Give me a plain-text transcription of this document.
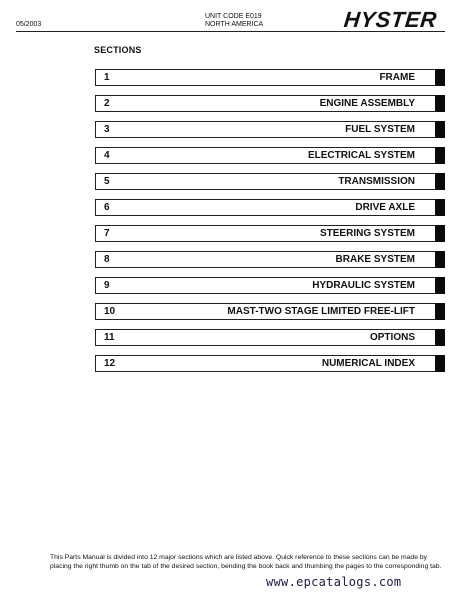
05/2003
UNIT CODE E019
NORTH AMERICA	HYSTER
SECTIONS
1	FRAME
2	ENGINE ASSEMBLY
3	FUEL SYSTEM
4	ELECTRICAL SYSTEM
5	TRANSMISSION
6	DRIVE AXLE
7	STEERING SYSTEM
8	BRAKE SYSTEM
9	HYDRAULIC SYSTEM
10	MAST-TWO STAGE LIMITED FREE-LIFT
11	OPTIONS
12	NUMERICAL INDEX
This Parts Manual is divided into 12 major sections which are listed above. Quick reference to these sections can be made by placing the right thumb on the tab of the desired section, bending the book back and thumbing the pages to the corresponding tab.
www.epcatalogs.com
